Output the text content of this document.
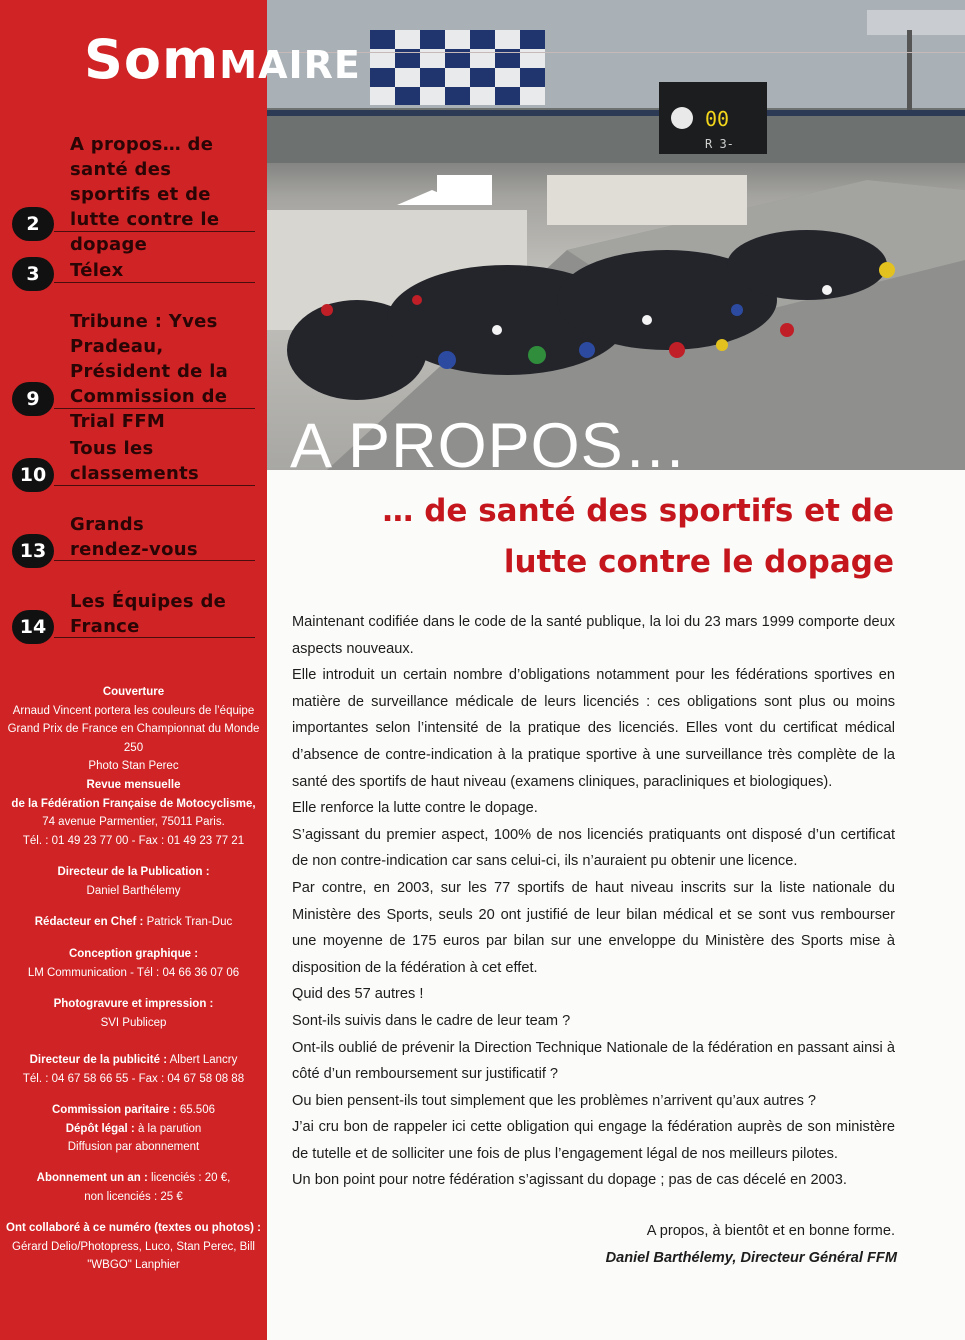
A propos… de santé des sportifs et de lutte contre le dopage
2
Télex
3
Tribune : Yves Pradeau, Président de la Commission de Trial FFM
9
Tous les classements
10
Grands rendez-vous
13
Les Équipes de France
14
Couverture
Arnaud Vincent portera les couleurs de l’équipe
Grand Prix de France en Championnat du Monde 250
Photo Stan Perec
Revue mensuelle
de la Fédération Française de Motocyclisme,
74 avenue Parmentier, 75011 Paris.
Tél. : 01 49 23 77 00 - Fax : 01 49 23 77 21
Directeur de la Publication :
Daniel Barthélemy
Rédacteur en Chef : Patrick Tran-Duc
Conception graphique :
LM Communication - Tél : 04 66 36 07 06
Photogravure et impression :
SVI Publicep
Directeur de la publicité : Albert Lancry
Tél. : 04 67 58 66 55 - Fax : 04 67 58 08 88
Commission paritaire : 65.506
Dépôt légal : à la parution
Diffusion par abonnement
Abonnement un an : licenciés : 20 €,
non licenciés : 25 €
Ont collaboré à ce numéro (textes ou photos) :
Gérard Delio/Photopress, Luco, Stan Perec, Bill
"WBGO" Lanphier
00
R 3-
A PROPOS…
SomMAIRE
… de santé des sportifs et de lutte contre le dopage

Maintenant codifiée dans le code de la santé publique, la loi du 23 mars 1999 comporte deux aspects nouveaux.

Elle introduit un certain nombre d’obligations notamment pour les fédérations sportives en matière de surveillance médicale de leurs licenciés : ces obligations sont plus ou moins importantes selon l’intensité de la pratique des licenciés. Elles vont du certificat médical d’absence de contre-indication à la pratique sportive à une surveillance très complète de la santé des sportifs de haut niveau (examens cliniques, paracliniques et biologiques).

Elle renforce la lutte contre le dopage.

S’agissant du premier aspect, 100% de nos licenciés pratiquants ont disposé d’un certificat de non contre-indication car sans celui-ci, ils n’auraient pu obtenir une licence.

Par contre, en 2003, sur les 77 sportifs de haut niveau inscrits sur la liste nationale du Ministère des Sports, seuls 20 ont justifié de leur bilan médical et se sont vus rembourser une moyenne de 175 euros par bilan sur une enveloppe du Ministère des Sports mise à disposition de la fédération à cet effet.

Quid des 57 autres !

Sont-ils suivis dans le cadre de leur team ?

Ont-ils oublié de prévenir la Direction Technique Nationale de la fédération en passant ainsi à côté d’un remboursement sur justificatif ?

Ou bien pensent-ils tout simplement que les problèmes n’arrivent qu’aux autres ?

J’ai cru bon de rappeler ici cette obligation qui engage la fédération auprès de son ministère de tutelle et de solliciter une fois de plus l’engagement légal de nos meilleurs pilotes.

Un bon point pour notre fédération s’agissant du dopage ; pas de cas décelé en 2003.

A propos, à bientôt et en bonne forme.
Daniel Barthélemy, Directeur Général FFM
